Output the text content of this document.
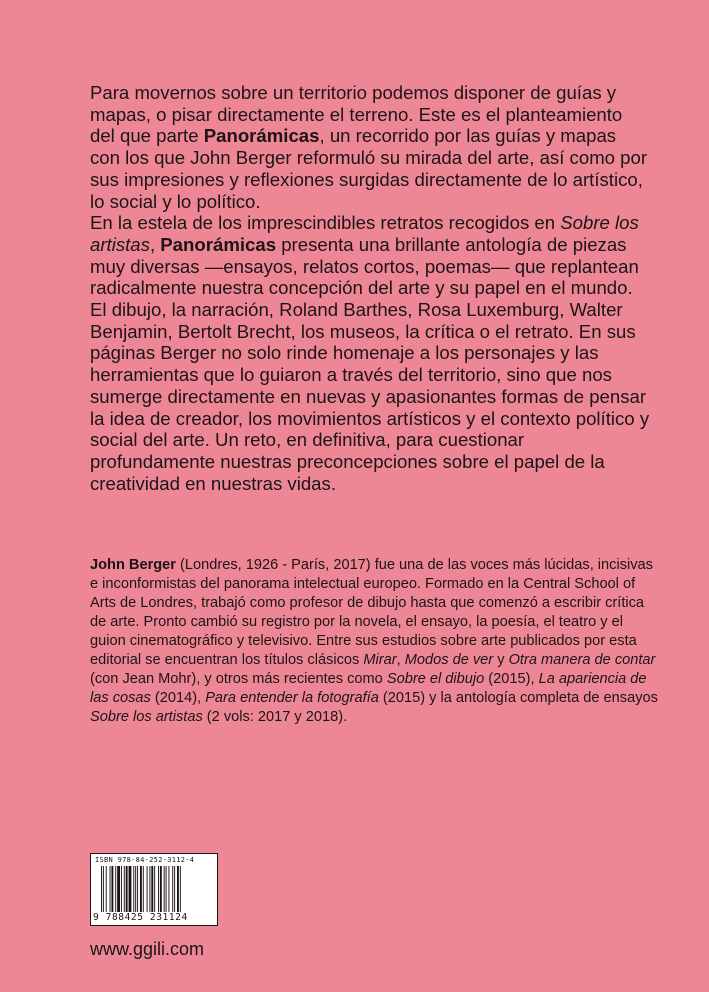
Para movernos sobre un territorio podemos disponer de guías y mapas, o pisar directamente el terreno. Este es el planteamiento del que parte Panorámicas, un recorrido por las guías y mapas con los que John Berger reformuló su mirada del arte, así como por sus impresiones y reflexiones surgidas directamente de lo artístico, lo social y lo político.

En la estela de los imprescindibles retratos recogidos en Sobre los artistas, Panorámicas presenta una brillante antología de piezas muy diversas —ensayos, relatos cortos, poemas— que replantean radicalmente nuestra concepción del arte y su papel en el mundo. El dibujo, la narración, Roland Barthes, Rosa Luxemburg, Walter Benjamin, Bertolt Brecht, los museos, la crítica o el retrato. En sus páginas Berger no solo rinde homenaje a los personajes y las herramientas que lo guiaron a través del territorio, sino que nos sumerge directamente en nuevas y apasionantes formas de pensar la idea de creador, los movimientos artísticos y el contexto político y social del arte. Un reto, en definitiva, para cuestionar profundamente nuestras preconcepciones sobre el papel de la creatividad en nuestras vidas.

John Berger (Londres, 1926 - París, 2017) fue una de las voces más lúcidas, incisivas e inconformistas del panorama intelectual europeo. Formado en la Central School of Arts de Londres, trabajó como profesor de dibujo hasta que comenzó a escribir crítica de arte. Pronto cambió su registro por la novela, el ensayo, la poesía, el teatro y el guion cinematográfico y televisivo. Entre sus estudios sobre arte publicados por esta editorial se encuentran los títulos clásicos Mirar, Modos de ver y Otra manera de contar (con Jean Mohr), y otros más recientes como Sobre el dibujo (2015), La apariencia de las cosas (2014), Para entender la fotografía (2015) y la antología completa de ensayos Sobre los artistas (2 vols: 2017 y 2018).

ISBN 978-84-252-3112-4
9 788425 231124
www.ggili.com
